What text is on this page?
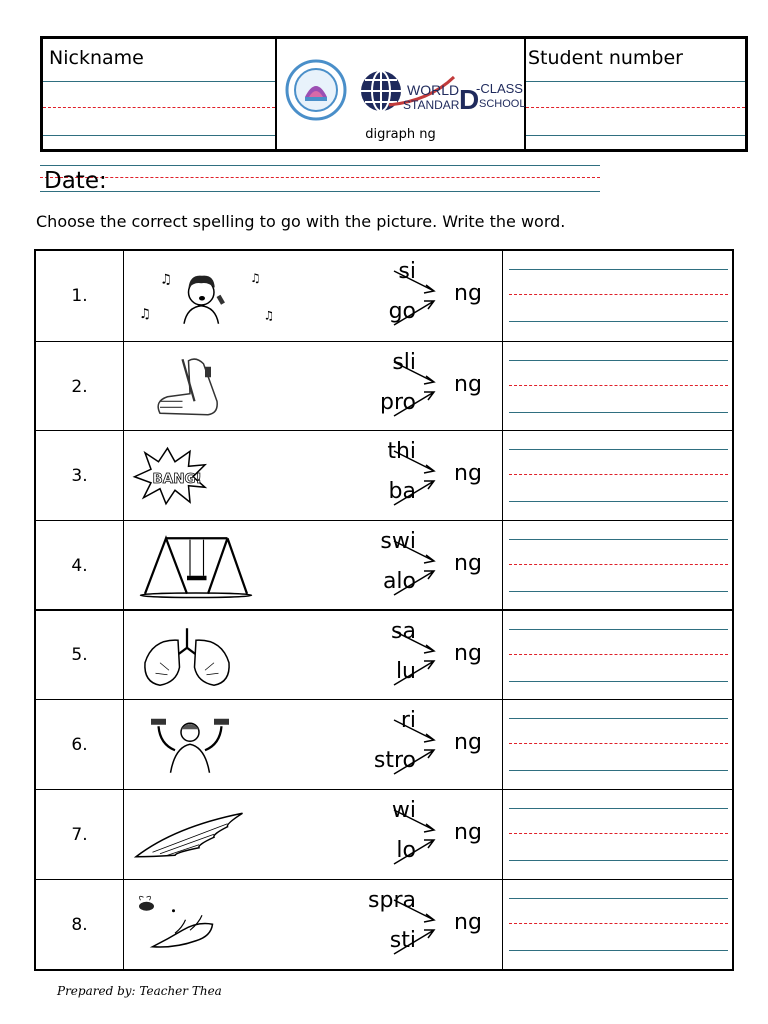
Nickname
WORLD
STANDAR D
-CLASS
SCHOOL
digraph ng
Student number
Date:
Choose the correct spelling to go with the picture. Write the word.
1.
♫
♫
♫
♫
si
go
ng
2.
sli
pro
ng
3.	BANG!
thi
ba
ng
4.
swi
alo
ng
5.
sa
lu
ng
6.
ri
stro
ng
7.
wi
lo
ng
8.
spra
sti
ng
Prepared by: Teacher Thea
